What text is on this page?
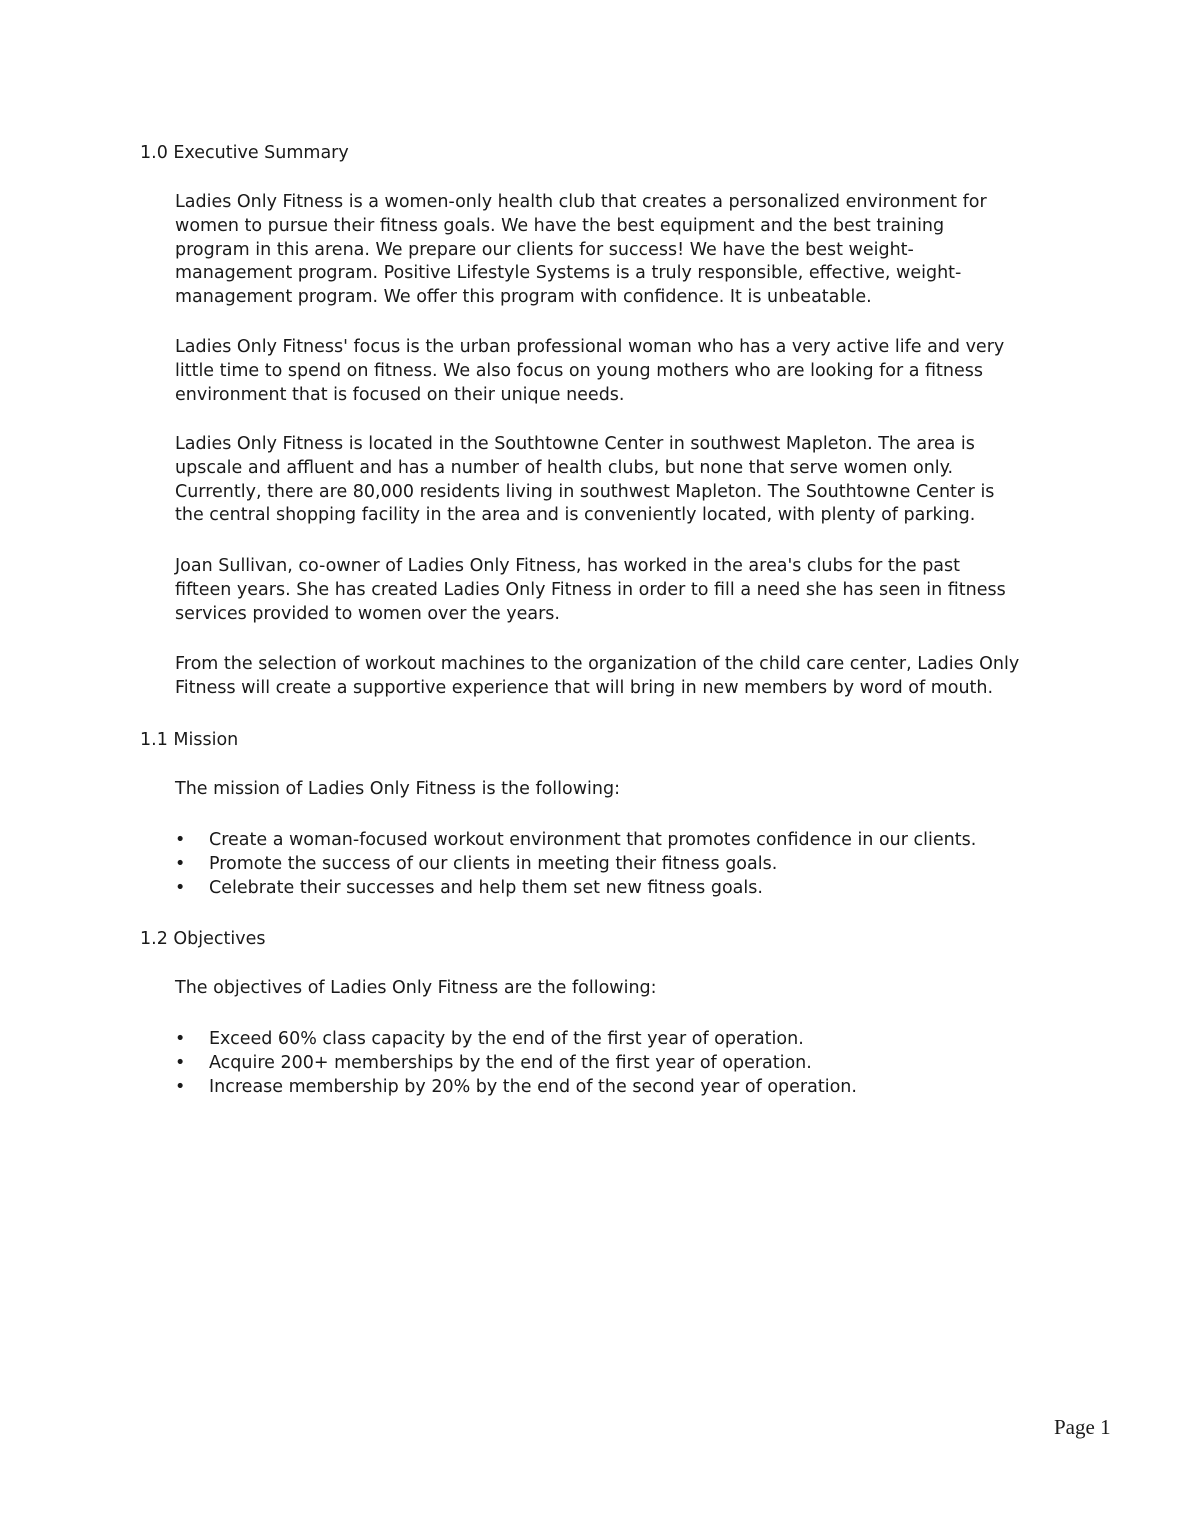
1.0 Executive Summary

Ladies Only Fitness is a women-only health club that creates a personalized environment for
women to pursue their fitness goals. We have the best equipment and the best training
program in this arena. We prepare our clients for success! We have the best weight-
management program. Positive Lifestyle Systems is a truly responsible, effective, weight-
management program. We offer this program with confidence. It is unbeatable.

Ladies Only Fitness' focus is the urban professional woman who has a very active life and very
little time to spend on fitness. We also focus on young mothers who are looking for a fitness
environment that is focused on their unique needs.

Ladies Only Fitness is located in the Southtowne Center in southwest Mapleton. The area is
upscale and affluent and has a number of health clubs, but none that serve women only.
Currently, there are 80,000 residents living in southwest Mapleton. The Southtowne Center is
the central shopping facility in the area and is conveniently located, with plenty of parking.

Joan Sullivan, co-owner of Ladies Only Fitness, has worked in the area's clubs for the past
fifteen years. She has created Ladies Only Fitness in order to fill a need she has seen in fitness
services provided to women over the years.

From the selection of workout machines to the organization of the child care center, Ladies Only
Fitness will create a supportive experience that will bring in new members by word of mouth.

1.1 Mission

The mission of Ladies Only Fitness is the following:

• Create a woman-focused workout environment that promotes confidence in our clients.
• Promote the success of our clients in meeting their fitness goals.
• Celebrate their successes and help them set new fitness goals.
1.2 Objectives

The objectives of Ladies Only Fitness are the following:

• Exceed 60% class capacity by the end of the first year of operation.
• Acquire 200+ memberships by the end of the first year of operation.
• Increase membership by 20% by the end of the second year of operation.
Page 1
